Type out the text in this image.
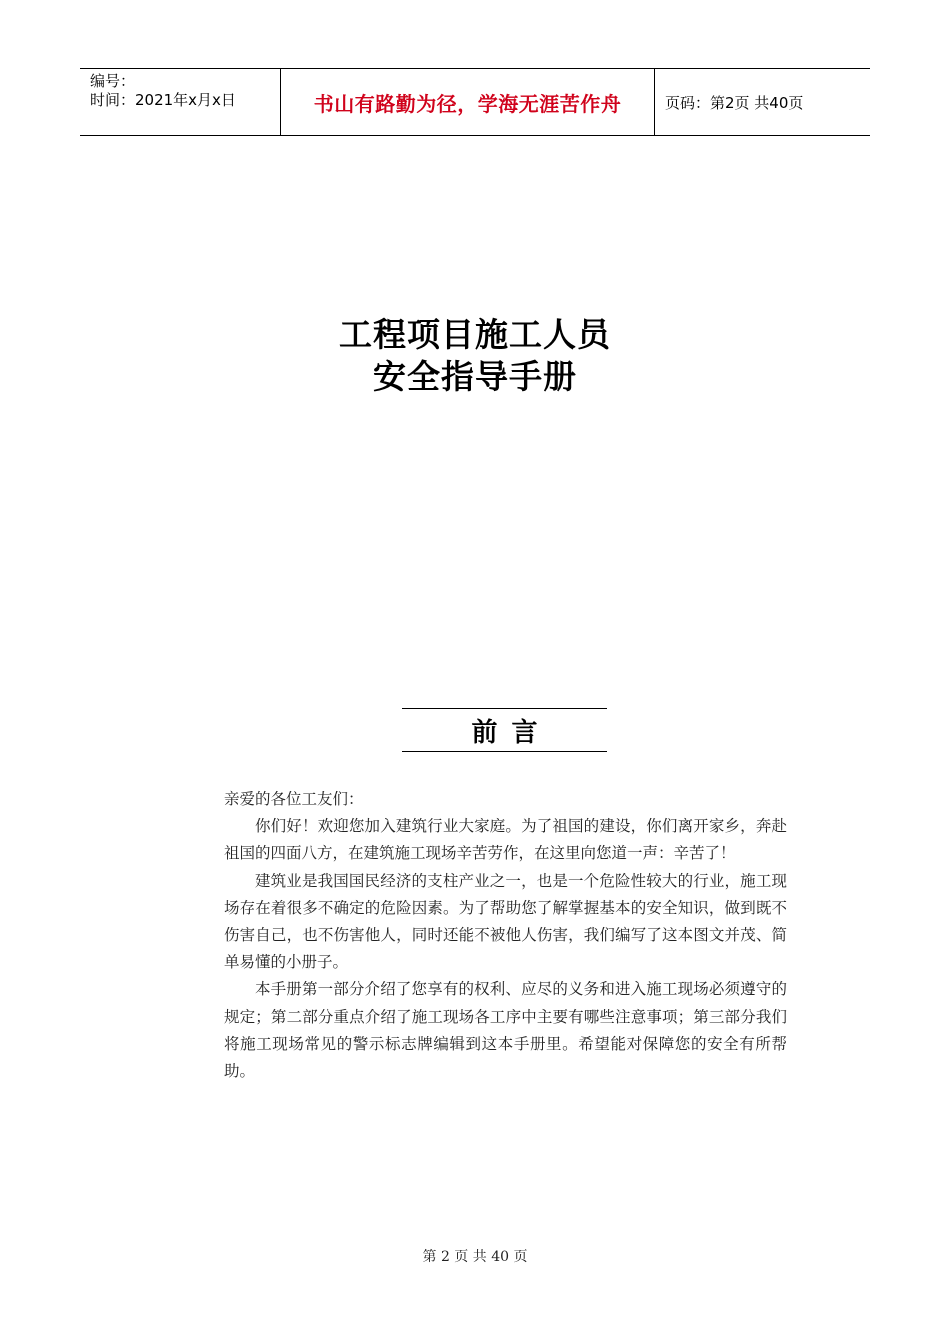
编号：
时间：2021年x月x日	书山有路勤为径，学海无涯苦作舟	页码：第2页 共40页
工程项目施工人员
安全指导手册
前言

亲爱的各位工友们：

你们好！欢迎您加入建筑行业大家庭。为了祖国的建设，你们离开家乡，奔赴祖国的四面八方，在建筑施工现场辛苦劳作，在这里向您道一声：辛苦了！

建筑业是我国国民经济的支柱产业之一，也是一个危险性较大的行业，施工现场存在着很多不确定的危险因素。为了帮助您了解掌握基本的安全知识，做到既不伤害自己，也不伤害他人，同时还能不被他人伤害，我们编写了这本图文并茂、简单易懂的小册子。

本手册第一部分介绍了您享有的权利、应尽的义务和进入施工现场必须遵守的规定；第二部分重点介绍了施工现场各工序中主要有哪些注意事项；第三部分我们将施工现场常见的警示标志牌编辑到这本手册里。希望能对保障您的安全有所帮助。

第 2 页 共 40 页
